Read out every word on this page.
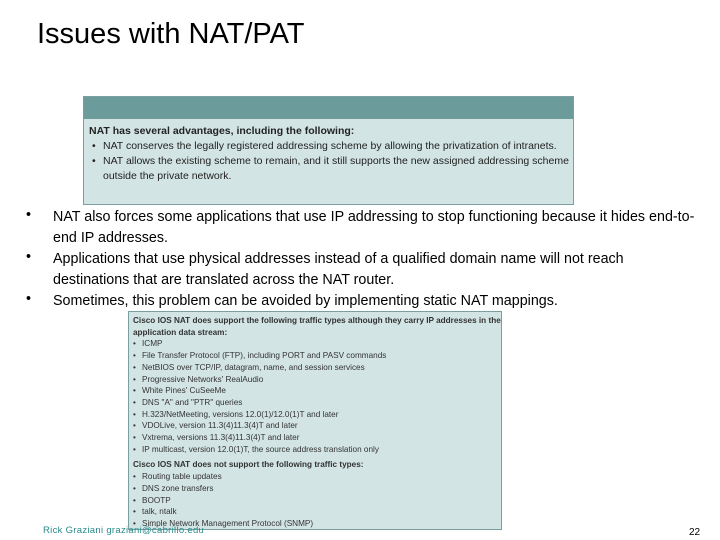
Issues with NAT/PAT
NAT has several advantages, including the following:
• NAT conserves the legally registered addressing scheme by allowing the privatization of intranets.
• NAT allows the existing scheme to remain, and it still supports the new assigned addressing scheme outside the private network.
• NAT also forces some applications that use IP addressing to stop functioning because it hides end-to-end IP addresses.
• Applications that use physical addresses instead of a qualified domain name will not reach destinations that are translated across the NAT router.
• Sometimes, this problem can be avoided by implementing static NAT mappings.
Cisco IOS NAT does support the following traffic types although they carry IP addresses in the application data stream:
• ICMP
• File Transfer Protocol (FTP), including PORT and PASV commands
• NetBIOS over TCP/IP, datagram, name, and session services
• Progressive Networks' RealAudio
• White Pines' CuSeeMe
• DNS "A" and "PTR" queries
• H.323/NetMeeting, versions 12.0(1)/12.0(1)T and later
• VDOLive, version 11.3(4)11.3(4)T and later
• Vxtrema, versions 11.3(4)11.3(4)T and later
• IP multicast, version 12.0(1)T, the source address translation only
Cisco IOS NAT does not support the following traffic types:
• Routing table updates
• DNS zone transfers
• BOOTP
• talk, ntalk
• Simple Network Management Protocol (SNMP)
Rick Graziani graziani@cabrillo.edu	22
